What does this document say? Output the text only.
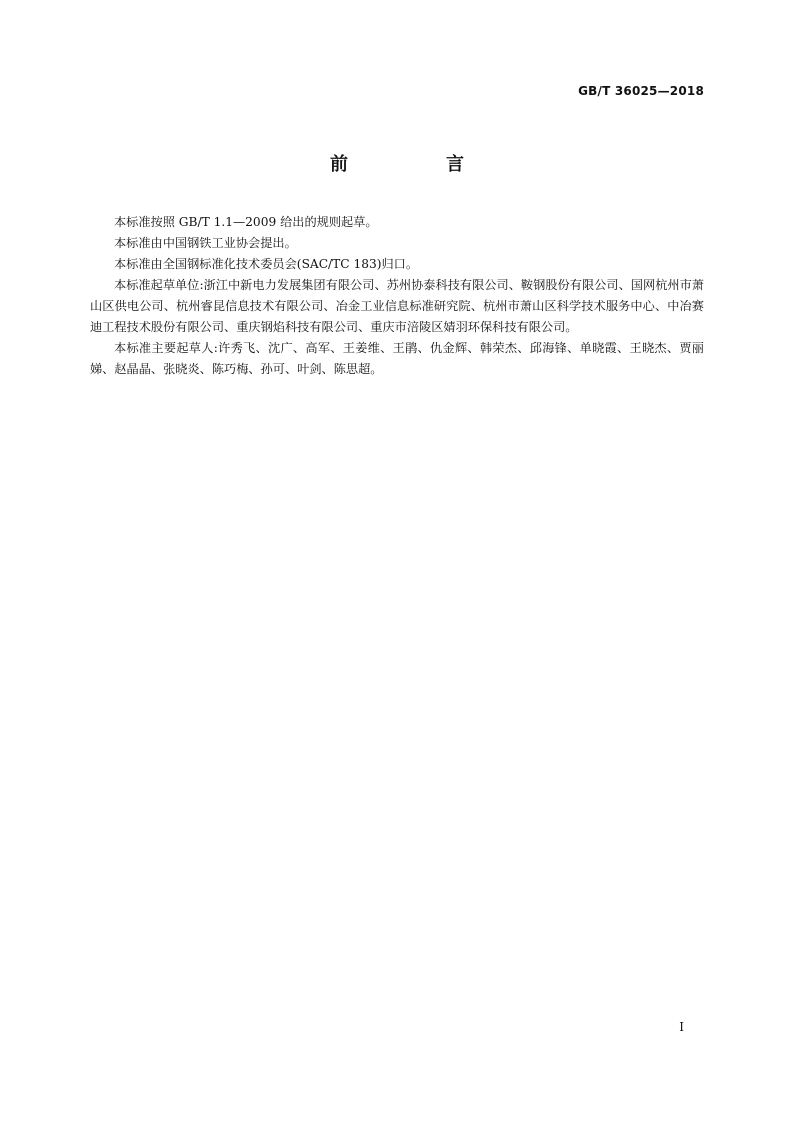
GB/T 36025—2018
前　言

本标准按照 GB/T 1.1—2009 给出的规则起草。

本标准由中国钢铁工业协会提出。

本标准由全国钢标准化技术委员会(SAC/TC 183)归口。

本标准起草单位:浙江中新电力发展集团有限公司、苏州协泰科技有限公司、鞍钢股份有限公司、国网杭州市萧山区供电公司、杭州睿昆信息技术有限公司、冶金工业信息标准研究院、杭州市萧山区科学技术服务中心、中冶赛迪工程技术股份有限公司、重庆钢焰科技有限公司、重庆市涪陵区婧羽环保科技有限公司。

本标准主要起草人:许秀飞、沈广、高军、王姜维、王鹃、仇金辉、韩荣杰、邱海锋、单晓霞、王晓杰、贾丽娣、赵晶晶、张晓炎、陈巧梅、孙可、叶剑、陈思超。

I
